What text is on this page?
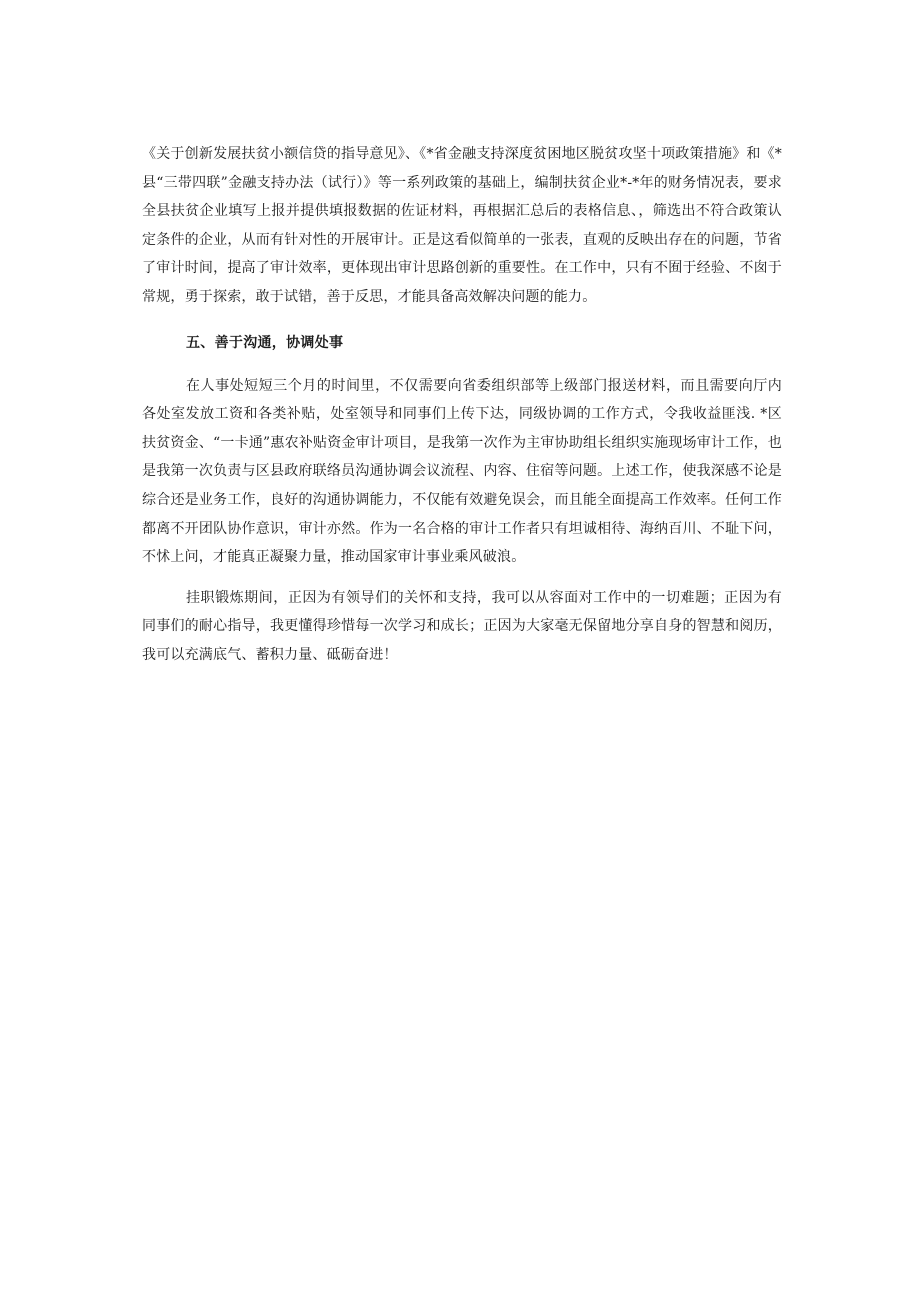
《关于创新发展扶贫小额信贷的指导意见》、《*省金融支持深度贫困地区脱贫攻坚十项政策措施》和《*县“三带四联”金融支持办法（试行）》等一系列政策的基础上，编制扶贫企业*-*年的财务情况表，要求全县扶贫企业填写上报并提供填报数据的佐证材料，再根据汇总后的表格信息、，筛选出不符合政策认定条件的企业，从而有针对性的开展审计。正是这看似简单的一张表，直观的反映出存在的问题，节省了审计时间，提高了审计效率，更体现出审计思路创新的重要性。在工作中，只有不囿于经验、不囱于常规，勇于探索，敢于试错，善于反思，才能具备高效解决问题的能力。

五、善于沟通，协调处事

在人事处短短三个月的时间里，不仅需要向省委组织部等上级部门报送材料，而且需要向厅内各处室发放工资和各类补贴，处室领导和同事们上传下达，同级协调的工作方式，令我收益匪浅. *区扶贫资金、“一卡通”惠农补贴资金审计项目，是我第一次作为主审协助组长组织实施现场审计工作，也是我第一次负责与区县政府联络员沟通协调会议流程、内容、住宿等问题。上述工作，使我深感不论是综合还是业务工作，良好的沟通协调能力，不仅能有效避免误会，而且能全面提高工作效率。任何工作都离不开团队协作意识，审计亦然。作为一名合格的审计工作者只有坦诚相待、海纳百川、不耻下问，不怵上问，才能真正凝聚力量，推动国家审计事业乘风破浪。

挂职锻炼期间，正因为有领导们的关怀和支持，我可以从容面对工作中的一切难题；正因为有同事们的耐心指导，我更懂得珍惜每一次学习和成长；正因为大家毫无保留地分享自身的智慧和阅历，我可以充满底气、蓄积力量、砥砺奋进！
